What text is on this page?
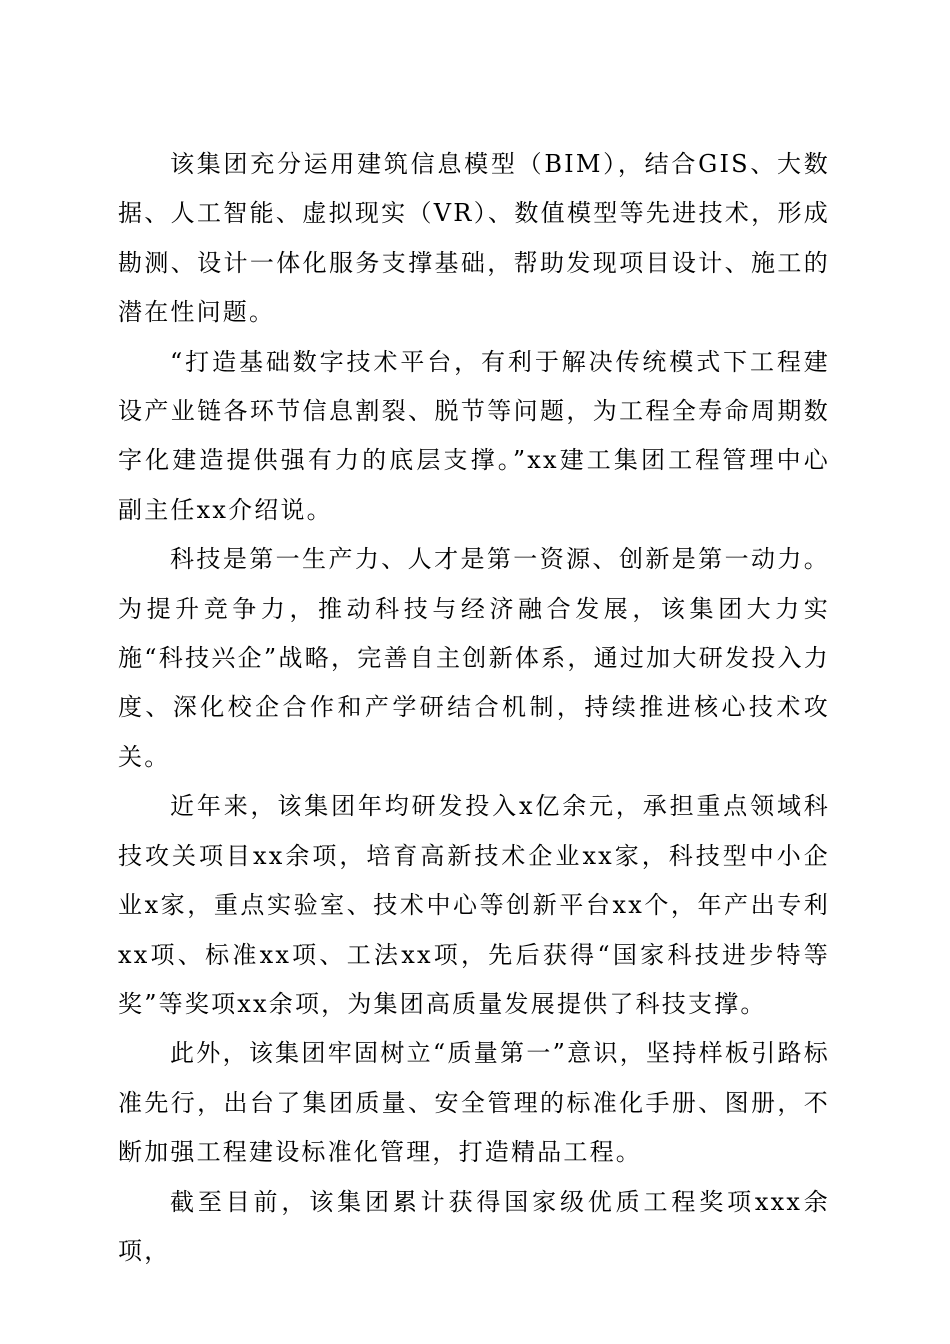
该集团充分运用建筑信息模型（BIM），结合GIS、大数据、人工智能、虚拟现实（VR）、数值模型等先进技术，形成勘测、设计一体化服务支撑基础，帮助发现项目设计、施工的潜在性问题。

“打造基础数字技术平台，有利于解决传统模式下工程建设产业链各环节信息割裂、脱节等问题，为工程全寿命周期数字化建造提供强有力的底层支撑。”xx建工集团工程管理中心副主任xx介绍说。

科技是第一生产力、人才是第一资源、创新是第一动力。为提升竞争力，推动科技与经济融合发展，该集团大力实施“科技兴企”战略，完善自主创新体系，通过加大研发投入力度、深化校企合作和产学研结合机制，持续推进核心技术攻关。

近年来，该集团年均研发投入x亿余元，承担重点领域科技攻关项目xx余项，培育高新技术企业xx家，科技型中小企业x家，重点实验室、技术中心等创新平台xx个，年产出专利xx项、标准xx项、工法xx项，先后获得“国家科技进步特等奖”等奖项xx余项，为集团高质量发展提供了科技支撑。

此外，该集团牢固树立“质量第一”意识，坚持样板引路标准先行，出台了集团质量、安全管理的标准化手册、图册，不断加强工程建设标准化管理，打造精品工程。

截至目前，该集团累计获得国家级优质工程奖项xxx余项，
